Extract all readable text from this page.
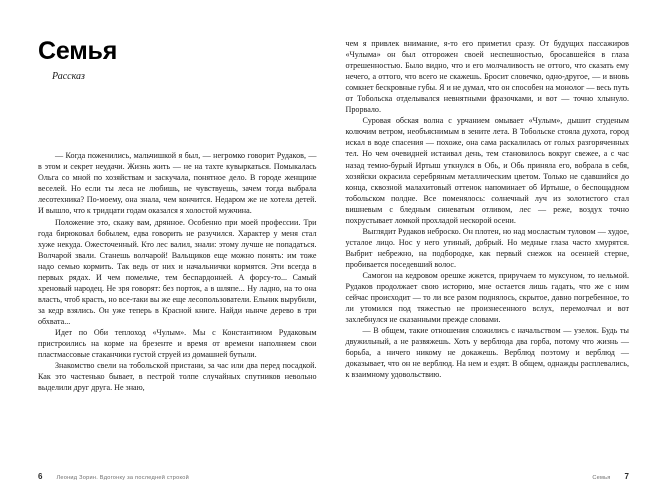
Семья
Рассказ

— Когда поженились, мальчишкой я был, — негромко говорит Рудаков, — в этом и секрет неудачи. Жизнь жить — не на тахте кувыркаться. Помыкалась Ольга со мной по хозяйствам и заскучала, понятное дело. В городе женщине веселей. Но если ты леса не любишь, не чувствуешь, зачем тогда выбрала лесотехника? По-моему, она знала, чем кончится. Недаром же не хотела детей. И вышло, что к тридцати годам оказался я холостой мужчина.

Положение это, скажу вам, дрянное. Особенно при моей профессии. Три года бирюковал бобылем, едва говорить не разучился. Характер у меня стал хуже некуда. Ожесточенный. Кто лес валил, знали: этому лучше не попадаться. Волчарой звали. Станешь волчарой! Вальщиков еще можно понять: им тоже надо семью кормить. Так ведь от них и начальнички кормятся. Эти всегда в первых рядах. И чем помельче, тем беспардонней. А форсу-то... Самый хреновый народец. Не зря говорят: без порток, а в шляпе... Ну ладно, на то она власть, чтоб красть, но все-таки вы же еще лесопользователи. Ельник вырубили, за кедр взялись. Он уже теперь в Красной книге. Найди нынче дерево в три обхвата...

Идет по Оби теплоход «Чулым». Мы с Константином Рудаковым пристроились на корме на брезенте и время от времени наполняем свои пластмассовые стаканчики густой струей из домашней бутыли.

Знакомство свели на тобольской пристани, за час или два перед посадкой. Как это частенько бывает, в пестрой толпе случайных спутников невольно выделили друг друга. Не знаю,

6	Леонид Зорин. Вдогонку за последней строкой

чем я привлек внимание, я-то его приметил сразу. От будущих пассажиров «Чулыма» он был отгорожен своей неспешностью, бросавшейся в глаза отрешенностью. Было видно, что и его молчаливость не оттого, что сказать ему нечего, а оттого, что всего не скажешь. Бросит словечко, одно-другое, — и вновь сомкнет бескровные губы. Я и не думал, что он способен на монолог — весь путь от Тобольска отделывался невнятными фразочками, и вот — точно хлынуло. Прорвало.

Суровая обская волна с урчанием омывает «Чулым», дышит студеным колючим ветром, необъяснимым в зените лета. В Тобольске стояла духота, город искал в воде спасения — похоже, она сама раскалилась от голых разгоряченных тел. Но чем очевидней истаивал день, тем становилось вокруг свежее, а с час назад темно-бурый Иртыш уткнулся в Обь, и Обь приняла его, вобрала в себя, хозяйски окрасила серебряным металлическим цветом. Только не сдавшийся до конца, сквозной малахитовый оттенок напоминает об Иртыше, о беспощадном тобольском полдне. Все поменялось: солнечный луч из золотистого стал вишневым с бледным синеватым отливом, лес — реже, воздух точно похрустывает ломкой прохладой нескорой осени.

Выглядит Рудаков неброско. Он плотен, но над мосластым туловом — худое, усталое лицо. Нос у него утиный, добрый. Но медные глаза часто хмурятся. Выбрит небрежно, на подбородке, как первый снежок на осенней стерне, пробивается поседевший волос.

Самогон на кедровом орешке жжется, приручаем то муксуном, то нельмой. Рудаков продолжает свою историю, мне остается лишь гадать, что же с ним сейчас происходит — то ли все разом поднялось, скрытое, давно погребенное, то ли утомился под тяжестью не произнесенного вслух, перемолчал и вот захлебнулся не сказанными прежде словами.

— В общем, такие отношения сложились с начальством — узелок. Будь ты двужильный, а не развяжешь. Хоть у верблюда два горба, потому что жизнь — борьба, а ничего никому не докажешь. Верблюд поэтому и верблюд — доказывает, что он не верблюд. На нем и ездят. В общем, однажды расплевались, к взаимному удовольствию.

Семья 7
